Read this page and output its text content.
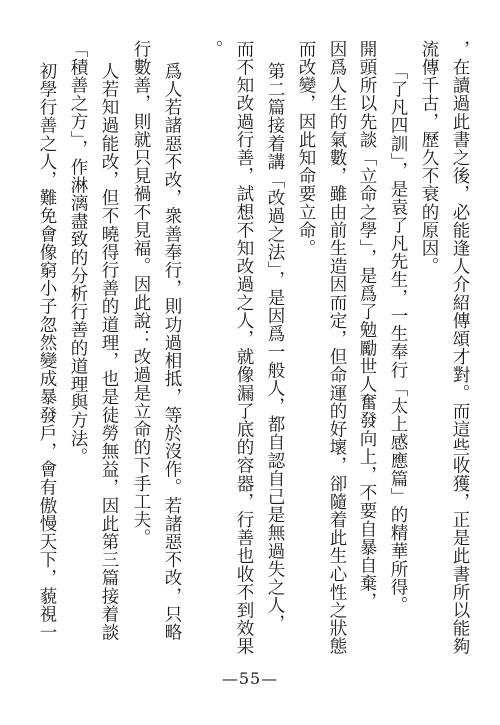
，在讀過此書之後，必能逢人介紹傳頌才對。而這些收獲，正是此書所以能夠

流傳千古，歷久不衰的原因。

「了凡四訓」，是袁了凡先生，一生奉行「太上感應篇」的精華所得。

開頭所以先談「立命之學」，是爲了勉勵世人奮發向上，不要自暴自棄，

因爲人生的氣數，雖由前生造因而定，但命運的好壞，卻隨着此生心性之狀態

而改變，因此知命要立命。

第二篇接着講「改過之法」，是因爲一般人，都自認自己是無過失之人，

而不知改過行善，試想不知改過之人，就像漏了底的容器，行善也收不到效果

。

爲人若諸惡不改，衆善奉行，則功過相抵，等於沒作。若諸惡不改，只略

行數善，則就只見禍不見福。因此說：改過是立命的下手工夫。

人若知過能改，但不曉得行善的道理，也是徒勞無益，因此第三篇接着談

「積善之方」，作淋漓盡致的分析行善的道理與方法。

初學行善之人，難免會像窮小子忽然變成暴發戶，會有傲慢天下，藐視一

—55—
